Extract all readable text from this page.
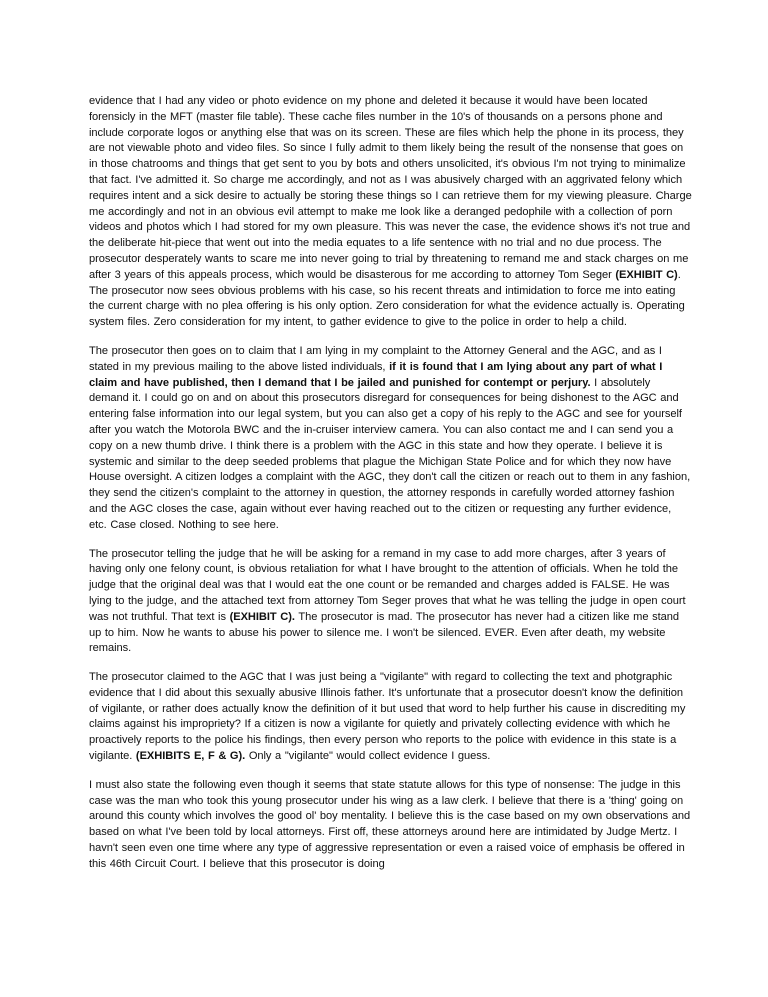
evidence that I had any video or photo evidence on my phone and deleted it because it would have been located forensicly in the MFT (master file table). These cache files number in the 10's of thousands on a persons phone and include corporate logos or anything else that was on its screen. These are files which help the phone in its process, they are not viewable photo and video files. So since I fully admit to them likely being the result of the nonsense that goes on in those chatrooms and things that get sent to you by bots and others unsolicited, it's obvious I'm not trying to minimalize that fact. I've admitted it. So charge me accordingly, and not as I was abusively charged with an aggrivated felony which requires intent and a sick desire to actually be storing these things so I can retrieve them for my viewing pleasure. Charge me accordingly and not in an obvious evil attempt to make me look like a deranged pedophile with a collection of porn videos and photos which I had stored for my own pleasure. This was never the case, the evidence shows it's not true and the deliberate hit-piece that went out into the media equates to a life sentence with no trial and no due process. The prosecutor desperately wants to scare me into never going to trial by threatening to remand me and stack charges on me after 3 years of this appeals process, which would be disasterous for me according to attorney Tom Seger (EXHIBIT C). The prosecutor now sees obvious problems with his case, so his recent threats and intimidation to force me into eating the current charge with no plea offering is his only option. Zero consideration for what the evidence actually is. Operating system files. Zero consideration for my intent, to gather evidence to give to the police in order to help a child.

The prosecutor then goes on to claim that I am lying in my complaint to the Attorney General and the AGC, and as I stated in my previous mailing to the above listed individuals, if it is found that I am lying about any part of what I claim and have published, then I demand that I be jailed and punished for contempt or perjury. I absolutely demand it. I could go on and on about this prosecutors disregard for consequences for being dishonest to the AGC and entering false information into our legal system, but you can also get a copy of his reply to the AGC and see for yourself after you watch the Motorola BWC and the in-cruiser interview camera. You can also contact me and I can send you a copy on a new thumb drive. I think there is a problem with the AGC in this state and how they operate. I believe it is systemic and similar to the deep seeded problems that plague the Michigan State Police and for which they now have House oversight. A citizen lodges a complaint with the AGC, they don't call the citizen or reach out to them in any fashion, they send the citizen's complaint to the attorney in question, the attorney responds in carefully worded attorney fashion and the AGC closes the case, again without ever having reached out to the citizen or requesting any further evidence, etc. Case closed. Nothing to see here.

The prosecutor telling the judge that he will be asking for a remand in my case to add more charges, after 3 years of having only one felony count, is obvious retaliation for what I have brought to the attention of officials. When he told the judge that the original deal was that I would eat the one count or be remanded and charges added is FALSE. He was lying to the judge, and the attached text from attorney Tom Seger proves that what he was telling the judge in open court was not truthful. That text is (EXHIBIT C). The prosecutor is mad. The prosecutor has never had a citizen like me stand up to him. Now he wants to abuse his power to silence me. I won't be silenced. EVER. Even after death, my website remains.

The prosecutor claimed to the AGC that I was just being a "vigilante" with regard to collecting the text and photgraphic evidence that I did about this sexually abusive Illinois father. It's unfortunate that a prosecutor doesn't know the definition of vigilante, or rather does actually know the definition of it but used that word to help further his cause in discrediting my claims against his impropriety? If a citizen is now a vigilante for quietly and privately collecting evidence with which he proactively reports to the police his findings, then every person who reports to the police with evidence in this state is a vigilante. (EXHIBITS E, F & G). Only a "vigilante" would collect evidence I guess.

I must also state the following even though it seems that state statute allows for this type of nonsense: The judge in this case was the man who took this young prosecutor under his wing as a law clerk. I believe that there is a 'thing' going on around this county which involves the good ol' boy mentality. I believe this is the case based on my own observations and based on what I've been told by local attorneys. First off, these attorneys around here are intimidated by Judge Mertz. I havn't seen even one time where any type of aggressive representation or even a raised voice of emphasis be offered in this 46th Circuit Court. I believe that this prosecutor is doing
